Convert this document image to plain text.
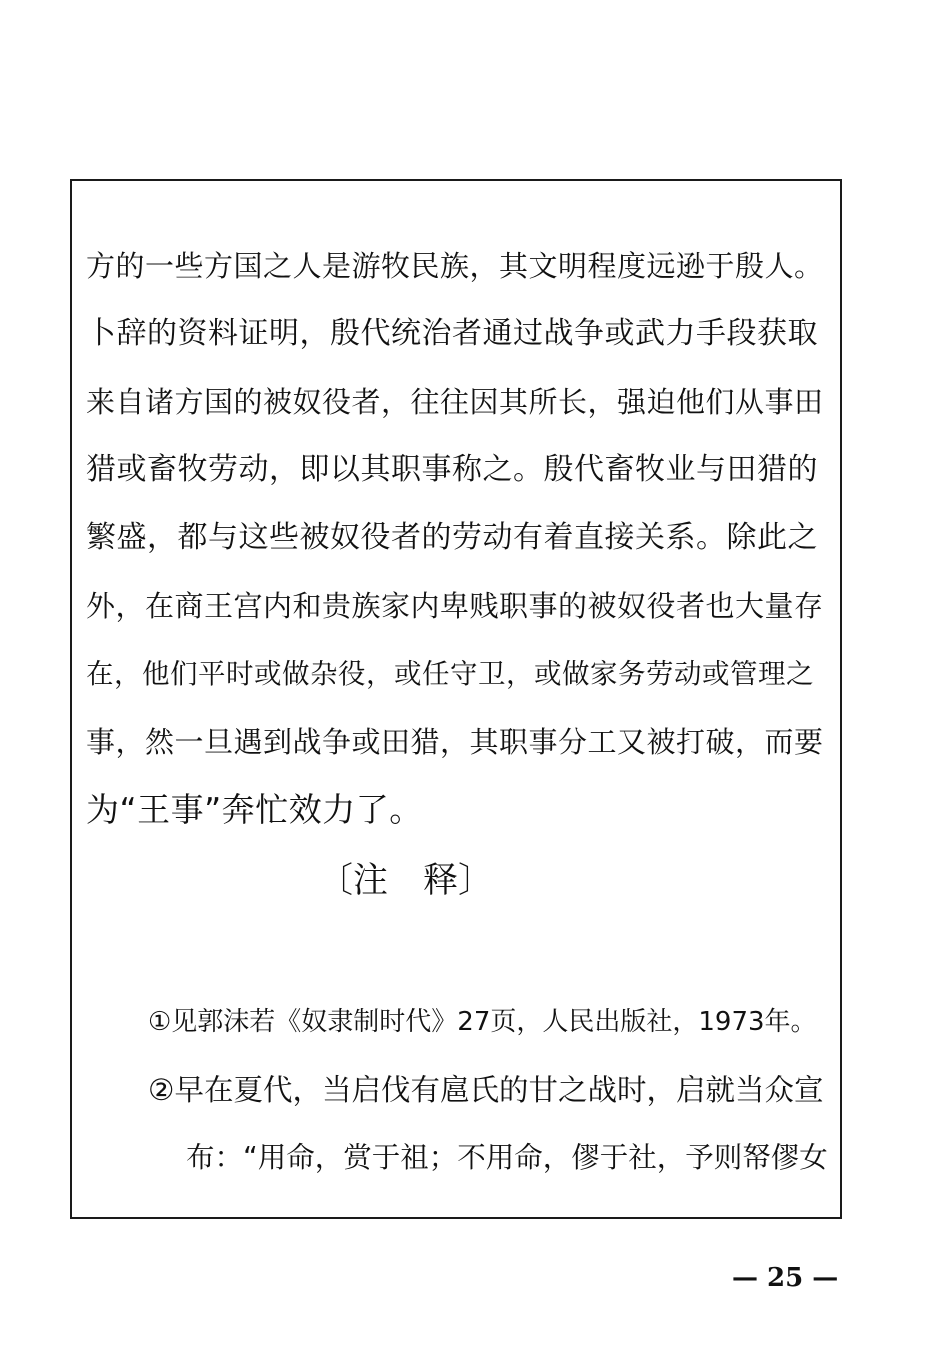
方的一些方国之人是游牧民族，其文明程度远逊于殷人。
卜辞的资料证明，殷代统治者通过战争或武力手段获取
来自诸方国的被奴役者，往往因其所长，强迫他们从事田
猎或畜牧劳动，即以其职事称之。殷代畜牧业与田猎的
繁盛，都与这些被奴役者的劳动有着直接关系。除此之
外，在商王宫内和贵族家内卑贱职事的被奴役者也大量存
在，他们平时或做杂役，或任守卫，或做家务劳动或管理之
事，然一旦遇到战争或田猎，其职事分工又被打破，而要
为“王事”奔忙效力了。
〔注　释〕
①见郭沫若《奴隶制时代》27页，人民出版社，1973年。
②早在夏代，当启伐有扈氏的甘之战时，启就当众宣
布：“用命，赏于祖；不用命，僇于社，予则帑僇女
— 25 —
